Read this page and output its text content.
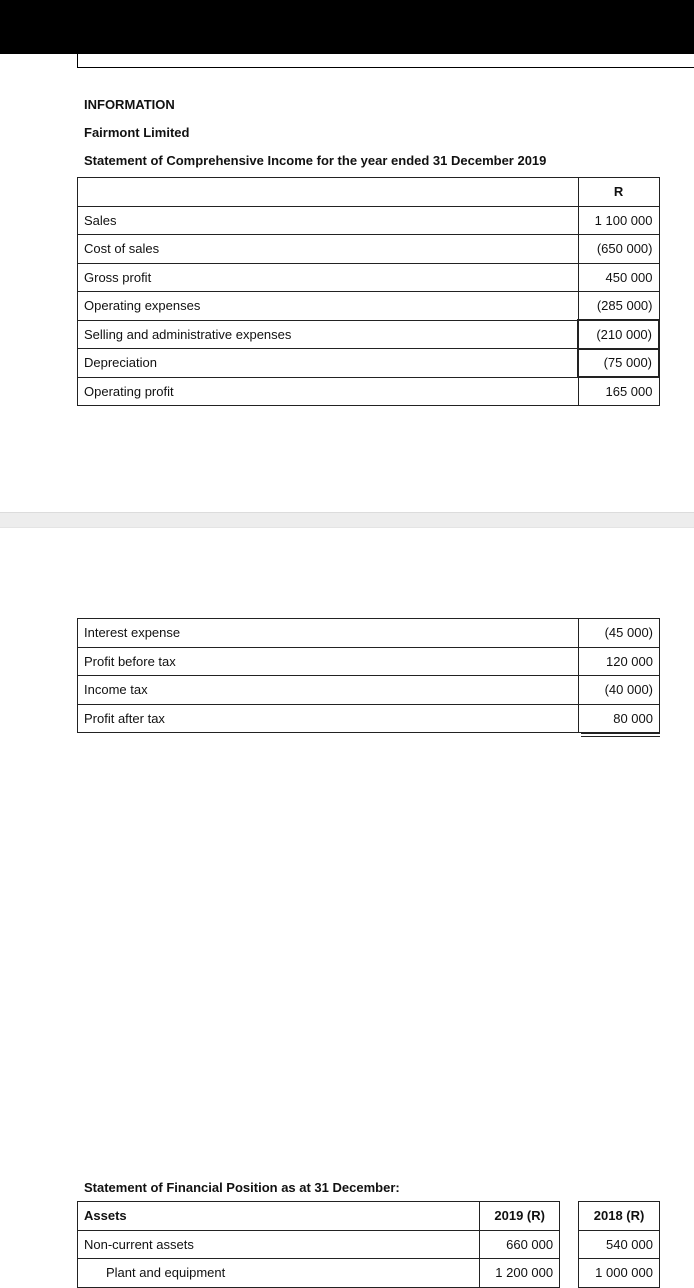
INFORMATION
Fairmont Limited
Statement of Comprehensive Income for the year ended 31 December 2019
	R
Sales	1 100 000
Cost of sales	(650 000)
Gross profit	450 000
Operating expenses	(285 000)
Selling and administrative expenses	(210 000)
Depreciation	(75 000)
Operating profit	165 000
Interest expense	(45 000)
Profit before tax	120 000
Income tax	(40 000)
Profit after tax	80 000
Statement of Financial Position as at 31 December:
Assets	2019 (R)		2018 (R)
Non-current assets	660 000		540 000
Plant and equipment	1 200 000		1 000 000
